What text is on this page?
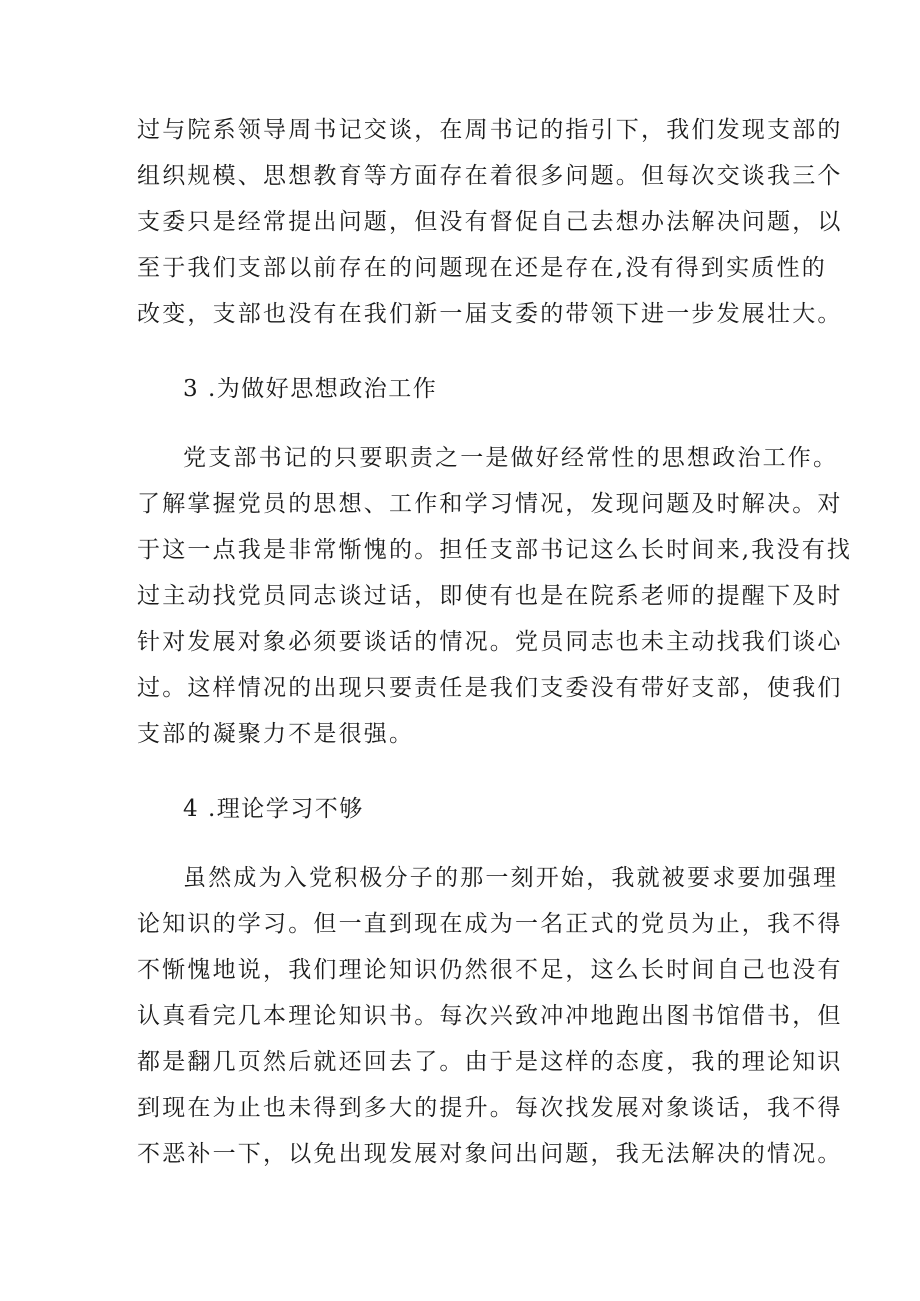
过与院系领导周书记交谈，在周书记的指引下，我们发现支部的
组织规模、思想教育等方面存在着很多问题。但每次交谈我三个
支委只是经常提出问题，但没有督促自己去想办法解决问题，以
至于我们支部以前存在的问题现在还是存在,没有得到实质性的
改变，支部也没有在我们新一届支委的带领下进一步发展壮大。
3 .为做好思想政治工作
党支部书记的只要职责之一是做好经常性的思想政治工作。
了解掌握党员的思想、工作和学习情况，发现问题及时解决。对
于这一点我是非常惭愧的。担任支部书记这么长时间来,我没有找
过主动找党员同志谈过话，即使有也是在院系老师的提醒下及时
针对发展对象必须要谈话的情况。党员同志也未主动找我们谈心
过。这样情况的出现只要责任是我们支委没有带好支部，使我们
支部的凝聚力不是很强。
4 .理论学习不够
虽然成为入党积极分子的那一刻开始，我就被要求要加强理
论知识的学习。但一直到现在成为一名正式的党员为止，我不得
不惭愧地说，我们理论知识仍然很不足，这么长时间自己也没有
认真看完几本理论知识书。每次兴致冲冲地跑出图书馆借书，但
都是翻几页然后就还回去了。由于是这样的态度，我的理论知识
到现在为止也未得到多大的提升。每次找发展对象谈话，我不得
不恶补一下，以免出现发展对象问出问题，我无法解决的情况。
